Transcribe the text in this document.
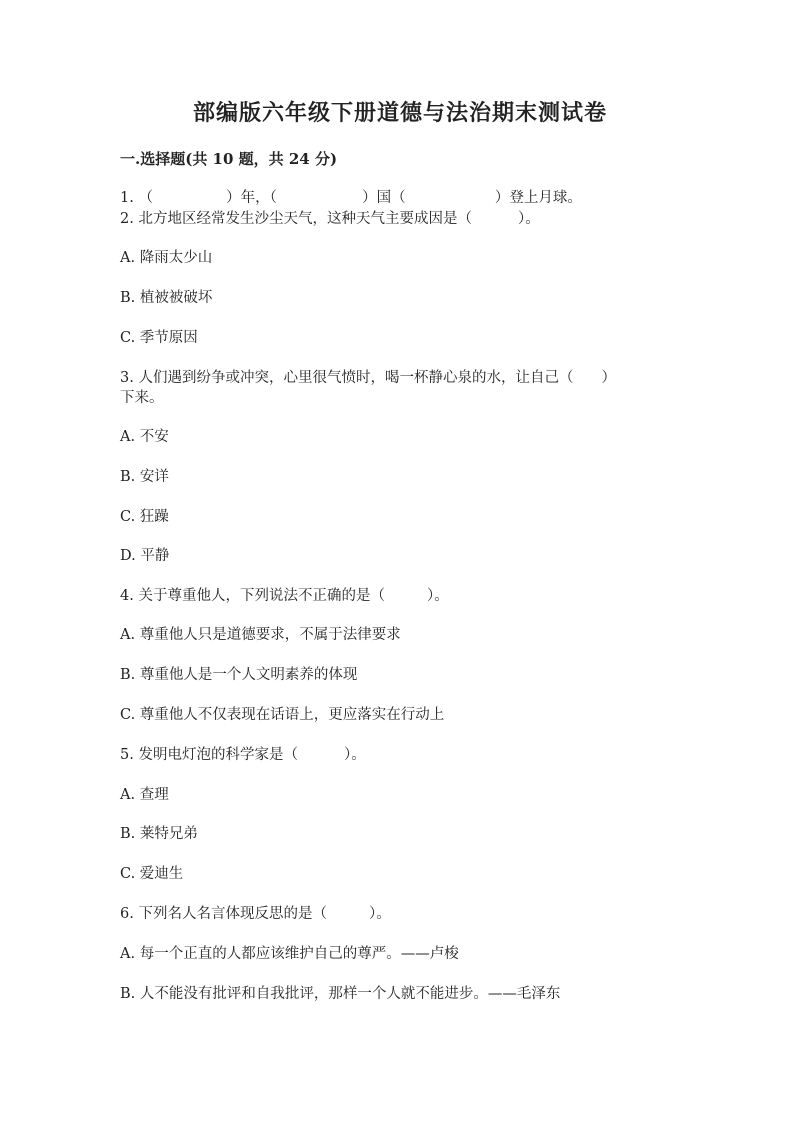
部编版六年级下册道德与法治期末测试卷
一.选择题(共 10 题，共 24 分)
1. （	）年，（	）国（	）登上月球。
2. 北方地区经常发生沙尘天气，这种天气主要成因是（	）。
A. 降雨太少山
B. 植被被破坏
C. 季节原因
3. 人们遇到纷争或冲突，心里很气愤时，喝一杯静心泉的水，让自己（ ）
下来。
A. 不安
B. 安详
C. 狂躁
D. 平静
4. 关于尊重他人，下列说法不正确的是（	）。
A. 尊重他人只是道德要求，不属于法律要求
B. 尊重他人是一个人文明素养的体现
C. 尊重他人不仅表现在话语上，更应落实在行动上
5. 发明电灯泡的科学家是（	）。
A. 查理
B. 莱特兄弟
C. 爱迪生
6. 下列名人名言体现反思的是（	）。
A. 每一个正直的人都应该维护自己的尊严。——卢梭
B. 人不能没有批评和自我批评，那样一个人就不能进步。——毛泽东
